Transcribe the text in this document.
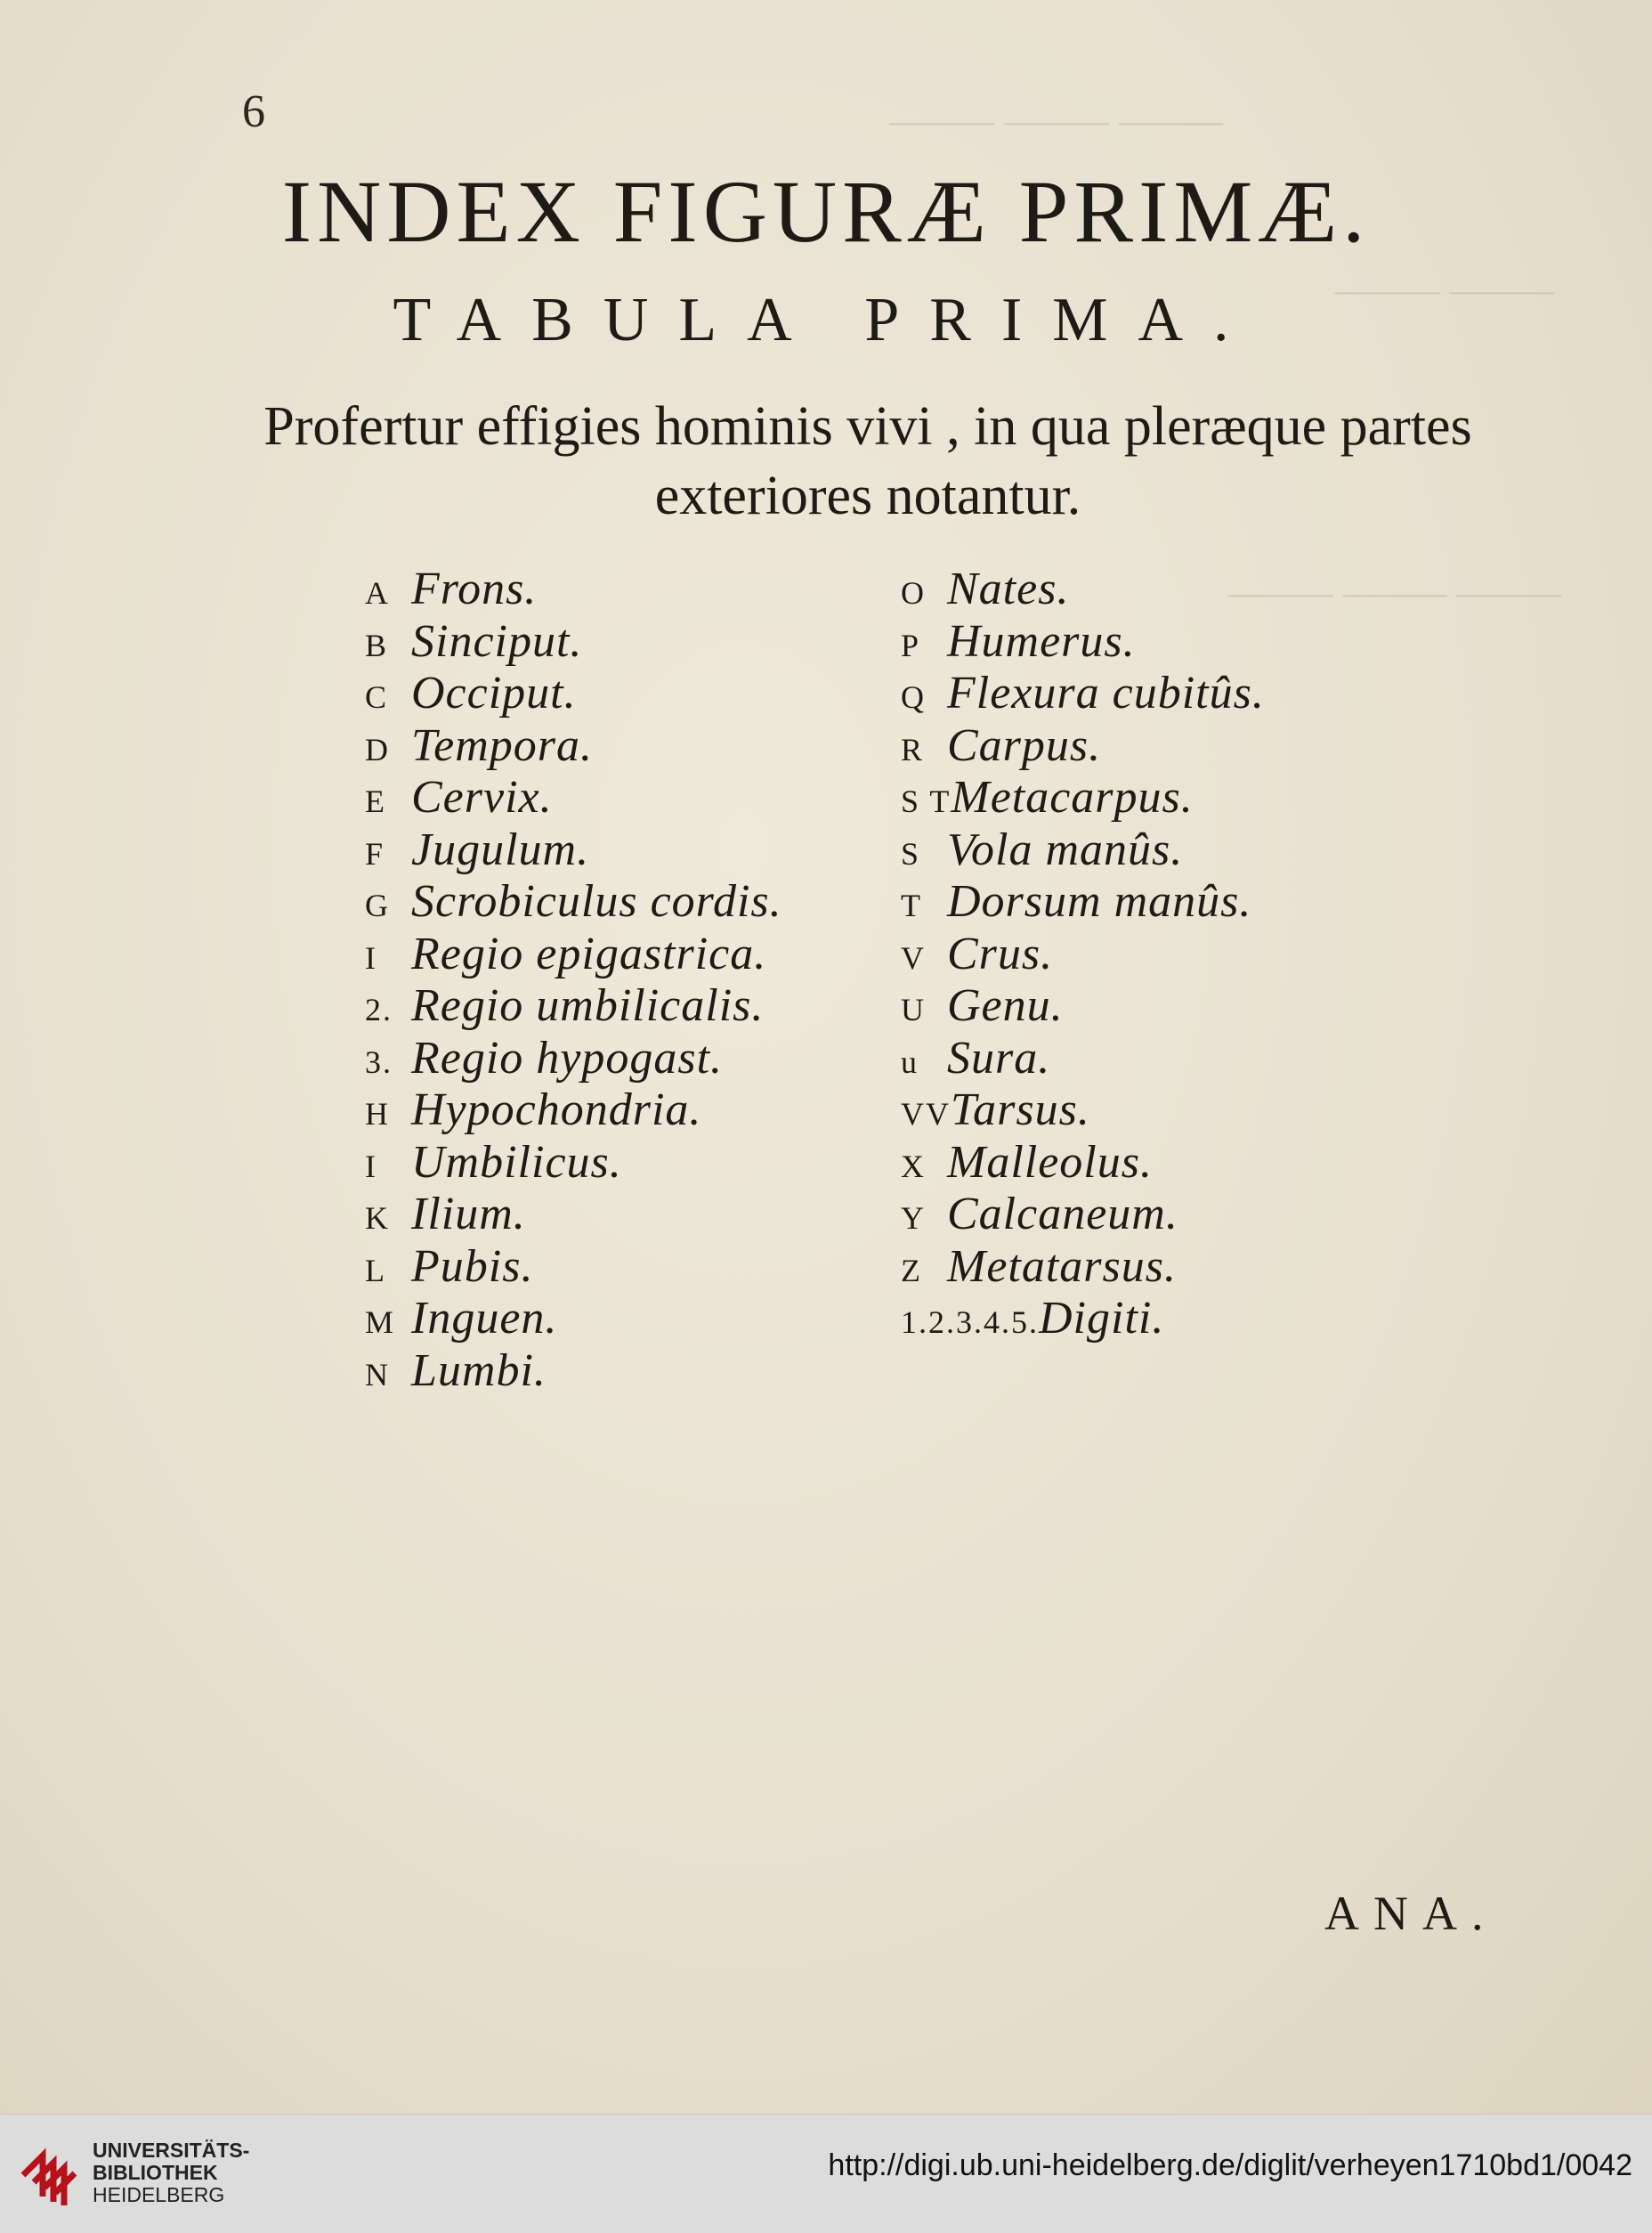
——— ——— ———
——— ———
——— ——— ———
6
INDEX FIGURÆ PRIMÆ.
TABULA PRIMA.
Profertur effigies hominis vivi , in qua pleræque partes exteriores notantur.
A Frons.
B Sinciput.
C Occiput.
D Tempora.
E Cervix.
F Jugulum.
G Scrobiculus cordis.
I Regio epigastrica.
2. Regio umbilicalis.
3. Regio hypogast.
H Hypochondria.
I Umbilicus.
K Ilium.
L Pubis.
M Inguen.
N Lumbi.
O Nates.
P Humerus.
Q Flexura cubitûs.
R Carpus.
S T Metacarpus.
S Vola manûs.
T Dorsum manûs.
V Crus.
U Genu.
u Sura.
VV Tarsus.
X Malleolus.
Y Calcaneum.
Z Metatarsus.
1.2.3.4.5. Digiti.
ANA.
UNIVERSITÄTS-
BIBLIOTHEK
HEIDELBERG
http://digi.ub.uni-heidelberg.de/diglit/verheyen1710bd1/0042
